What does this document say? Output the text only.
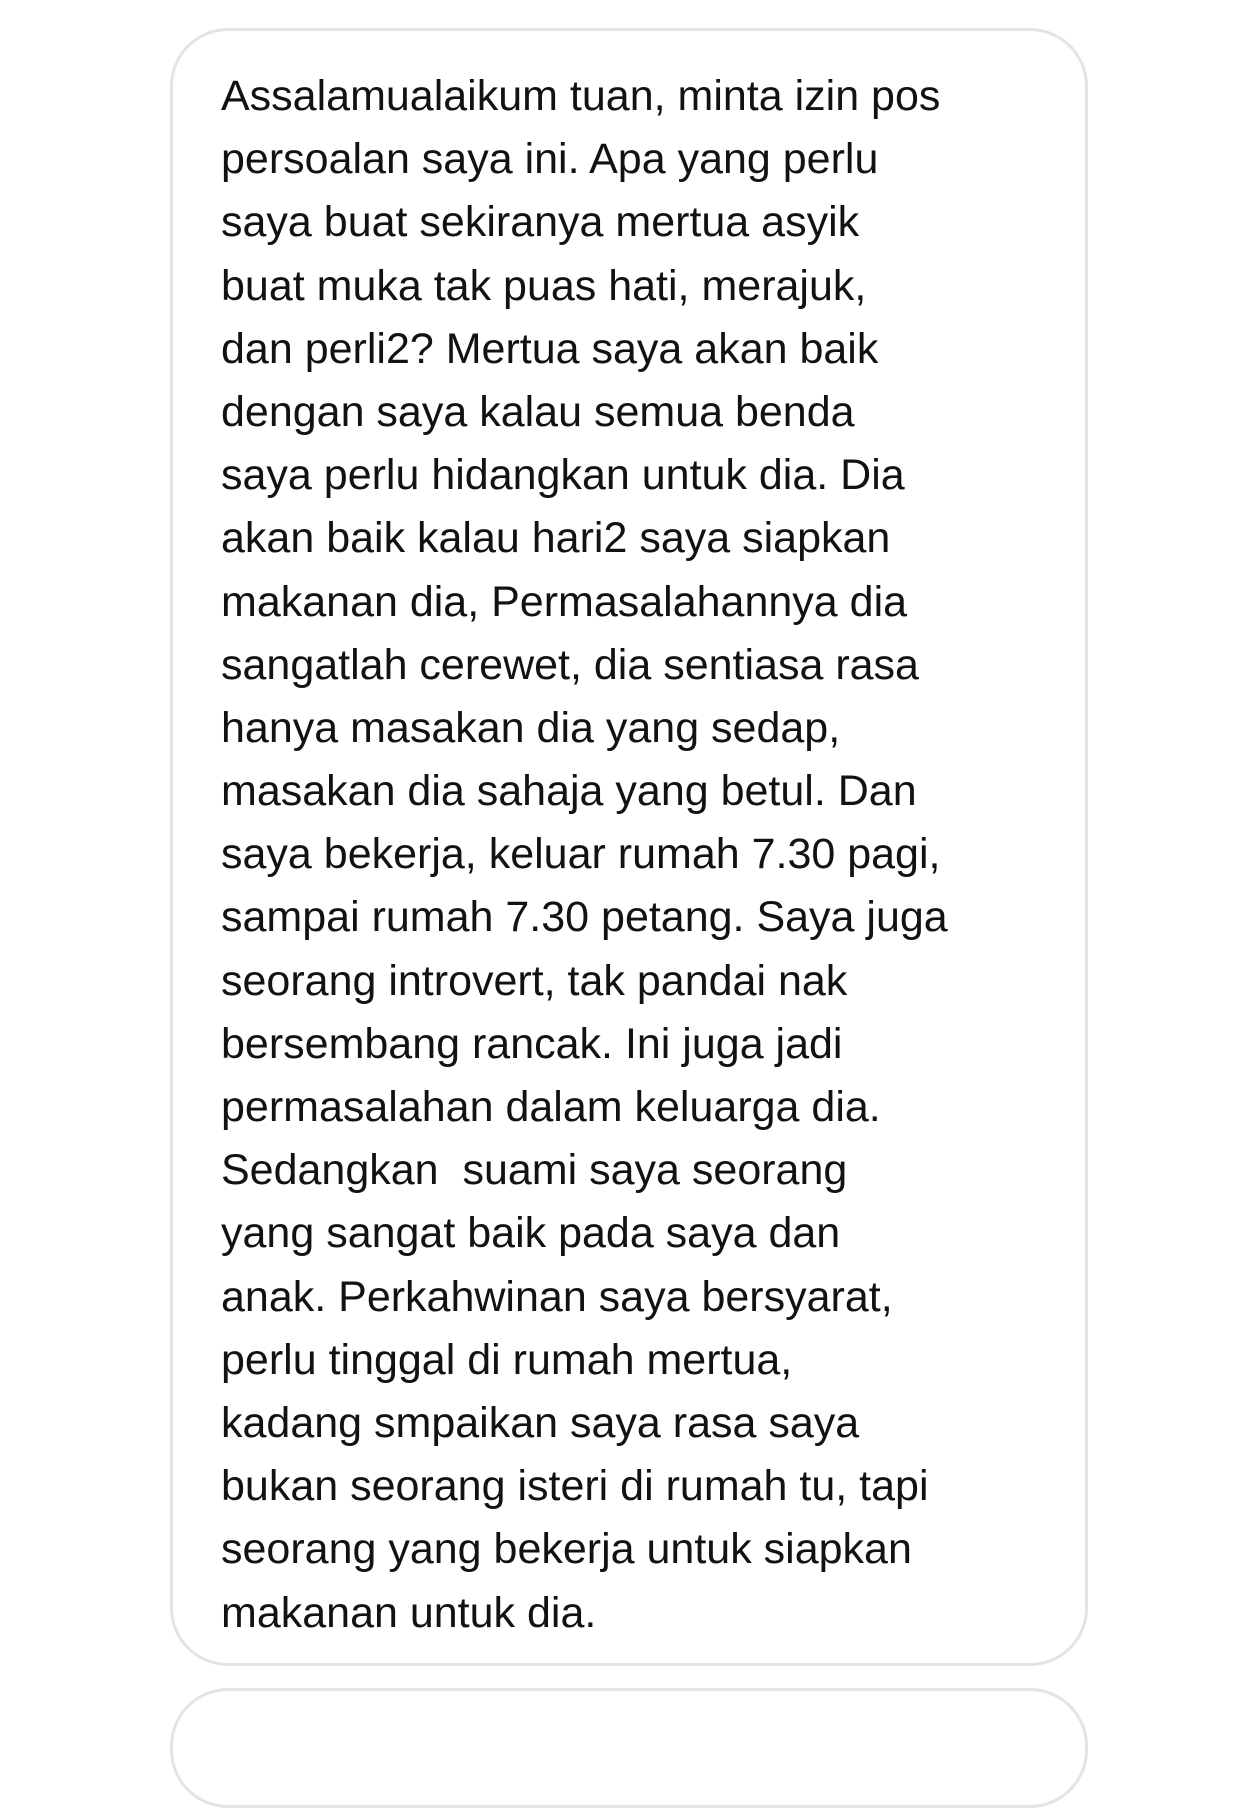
Assalamualaikum tuan, minta izin pos
persoalan saya ini. Apa yang perlu
saya buat sekiranya mertua asyik
buat muka tak puas hati, merajuk,
dan perli2? Mertua saya akan baik
dengan saya kalau semua benda
saya perlu hidangkan untuk dia. Dia
akan baik kalau hari2 saya siapkan
makanan dia, Permasalahannya dia
sangatlah cerewet, dia sentiasa rasa
hanya masakan dia yang sedap,
masakan dia sahaja yang betul. Dan
saya bekerja, keluar rumah 7.30 pagi,
sampai rumah 7.30 petang. Saya juga
seorang introvert, tak pandai nak
bersembang rancak. Ini juga jadi
permasalahan dalam keluarga dia.
Sedangkan  suami saya seorang
yang sangat baik pada saya dan
anak. Perkahwinan saya bersyarat,
perlu tinggal di rumah mertua,
kadang smpaikan saya rasa saya
bukan seorang isteri di rumah tu, tapi
seorang yang bekerja untuk siapkan
makanan untuk dia.
